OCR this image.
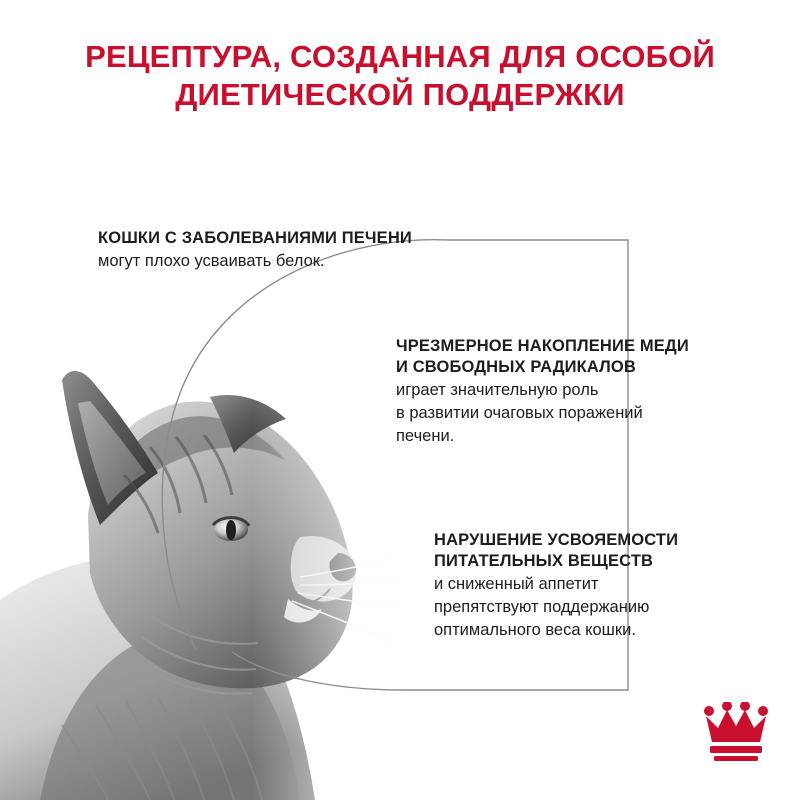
РЕЦЕПТУРА, СОЗДАННАЯ ДЛЯ ОСОБОЙ
ДИЕТИЧЕСКОЙ ПОДДЕРЖКИ
КОШКИ С ЗАБОЛЕВАНИЯМИ ПЕЧЕНИ
могут плохо усваивать белок.
ЧРЕЗМЕРНОЕ НАКОПЛЕНИЕ МЕДИ
И СВОБОДНЫХ РАДИКАЛОВ
играет значительную роль
в развитии очаговых поражений
печени.
НАРУШЕНИЕ УСВОЯЕМОСТИ
ПИТАТЕЛЬНЫХ ВЕЩЕСТВ
и сниженный аппетит
препятствуют поддержанию
оптимального веса кошки.
